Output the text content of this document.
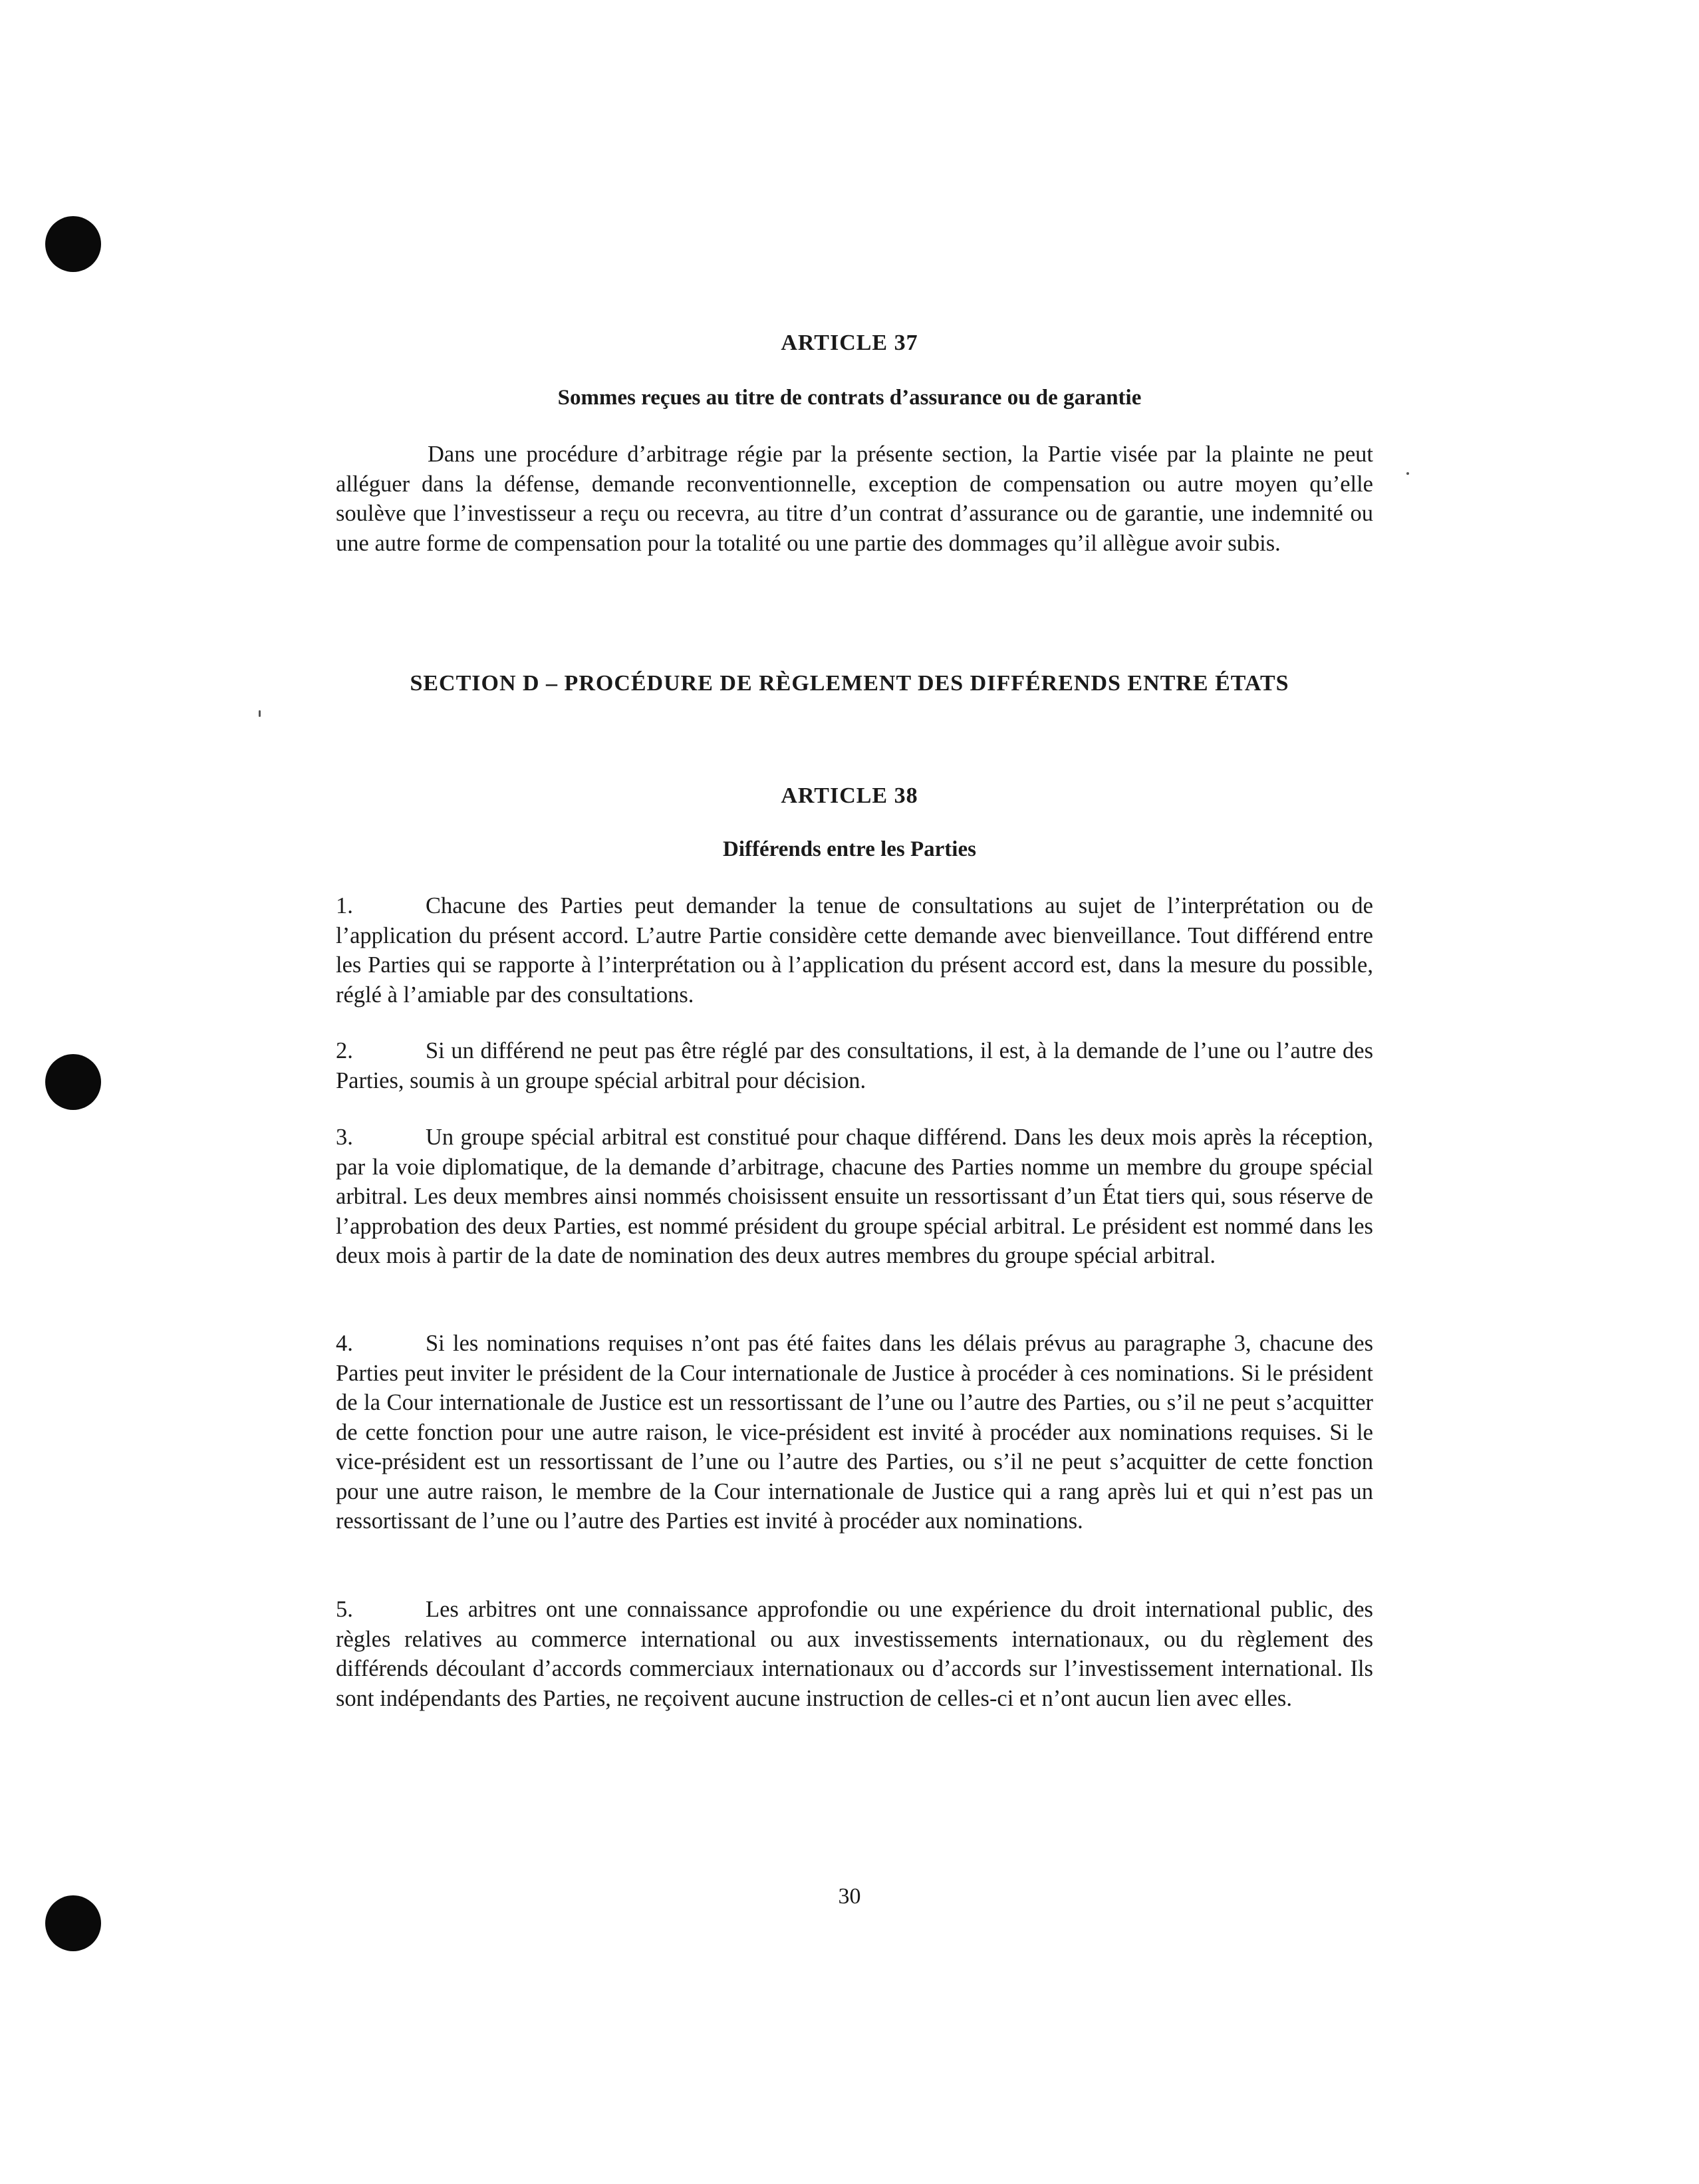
ARTICLE 37
Sommes reçues au titre de contrats d’assurance ou de garantie

Dans une procédure d’arbitrage régie par la présente section, la Partie visée par la plainte ne peut alléguer dans la défense, demande reconventionnelle, exception de compensation ou autre moyen qu’elle soulève que l’investisseur a reçu ou recevra, au titre d’un contrat d’assurance ou de garantie, une indemnité ou une autre forme de compensation pour la totalité ou une partie des dommages qu’il allègue avoir subis.

SECTION D – PROCÉDURE DE RÈGLEMENT DES DIFFÉRENDS ENTRE ÉTATS
ARTICLE 38
Différends entre les Parties

1.	Chacune des Parties peut demander la tenue de consultations au sujet de l’interprétation ou de l’application du présent accord. L’autre Partie considère cette demande avec bienveillance. Tout différend entre les Parties qui se rapporte à l’interprétation ou à l’application du présent accord est, dans la mesure du possible, réglé à l’amiable par des consultations.

2.	Si un différend ne peut pas être réglé par des consultations, il est, à la demande de l’une ou l’autre des Parties, soumis à un groupe spécial arbitral pour décision.

3.	Un groupe spécial arbitral est constitué pour chaque différend. Dans les deux mois après la réception, par la voie diplomatique, de la demande d’arbitrage, chacune des Parties nomme un membre du groupe spécial arbitral. Les deux membres ainsi nommés choisissent ensuite un ressortissant d’un État tiers qui, sous réserve de l’approbation des deux Parties, est nommé président du groupe spécial arbitral. Le président est nommé dans les deux mois à partir de la date de nomination des deux autres membres du groupe spécial arbitral.

4.	Si les nominations requises n’ont pas été faites dans les délais prévus au paragraphe 3, chacune des Parties peut inviter le président de la Cour internationale de Justice à procéder à ces nominations. Si le président de la Cour internationale de Justice est un ressortissant de l’une ou l’autre des Parties, ou s’il ne peut s’acquitter de cette fonction pour une autre raison, le vice-président est invité à procéder aux nominations requises. Si le vice-président est un ressortissant de l’une ou l’autre des Parties, ou s’il ne peut s’acquitter de cette fonction pour une autre raison, le membre de la Cour internationale de Justice qui a rang après lui et qui n’est pas un ressortissant de l’une ou l’autre des Parties est invité à procéder aux nominations.

5.	Les arbitres ont une connaissance approfondie ou une expérience du droit international public, des règles relatives au commerce international ou aux investissements internationaux, ou du règlement des différends découlant d’accords commerciaux internationaux ou d’accords sur l’investissement international. Ils sont indépendants des Parties, ne reçoivent aucune instruction de celles-ci et n’ont aucun lien avec elles.

30
